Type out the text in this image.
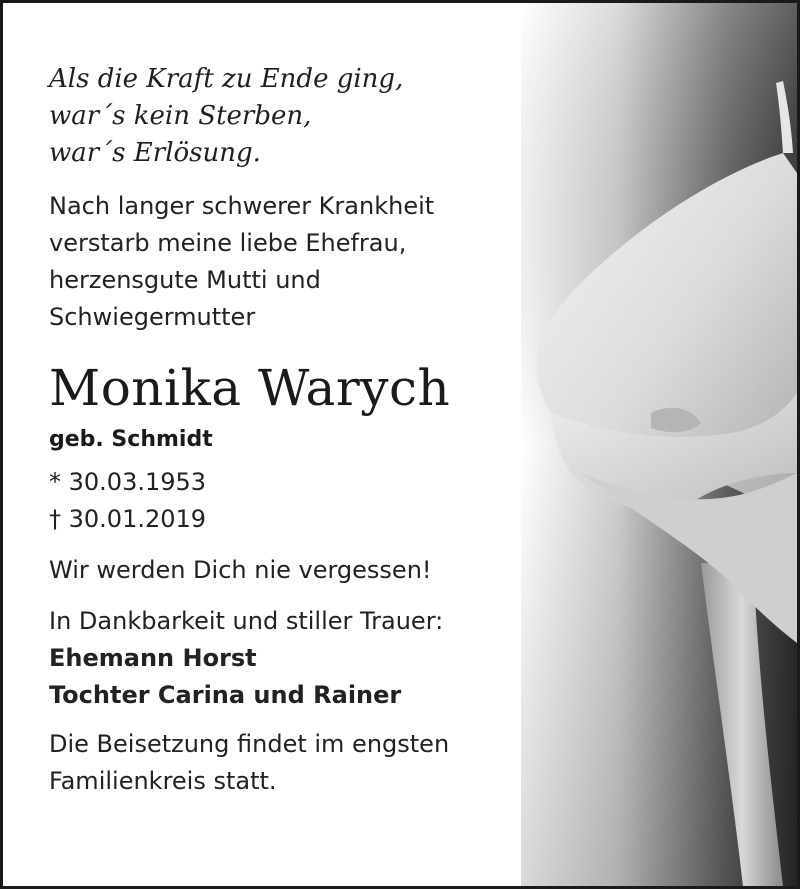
Als die Kraft zu Ende ging,
war´s kein Sterben,
war´s Erlösung.
Nach langer schwerer Krankheit
verstarb meine liebe Ehefrau,
herzensgute Mutti und
Schwiegermutter
Monika Warych
geb. Schmidt
* 30.03.1953
† 30.01.2019
Wir werden Dich nie vergessen!
In Dankbarkeit und stiller Trauer:
Ehemann Horst
Tochter Carina und Rainer
Die Beisetzung findet im engsten
Familienkreis statt.
